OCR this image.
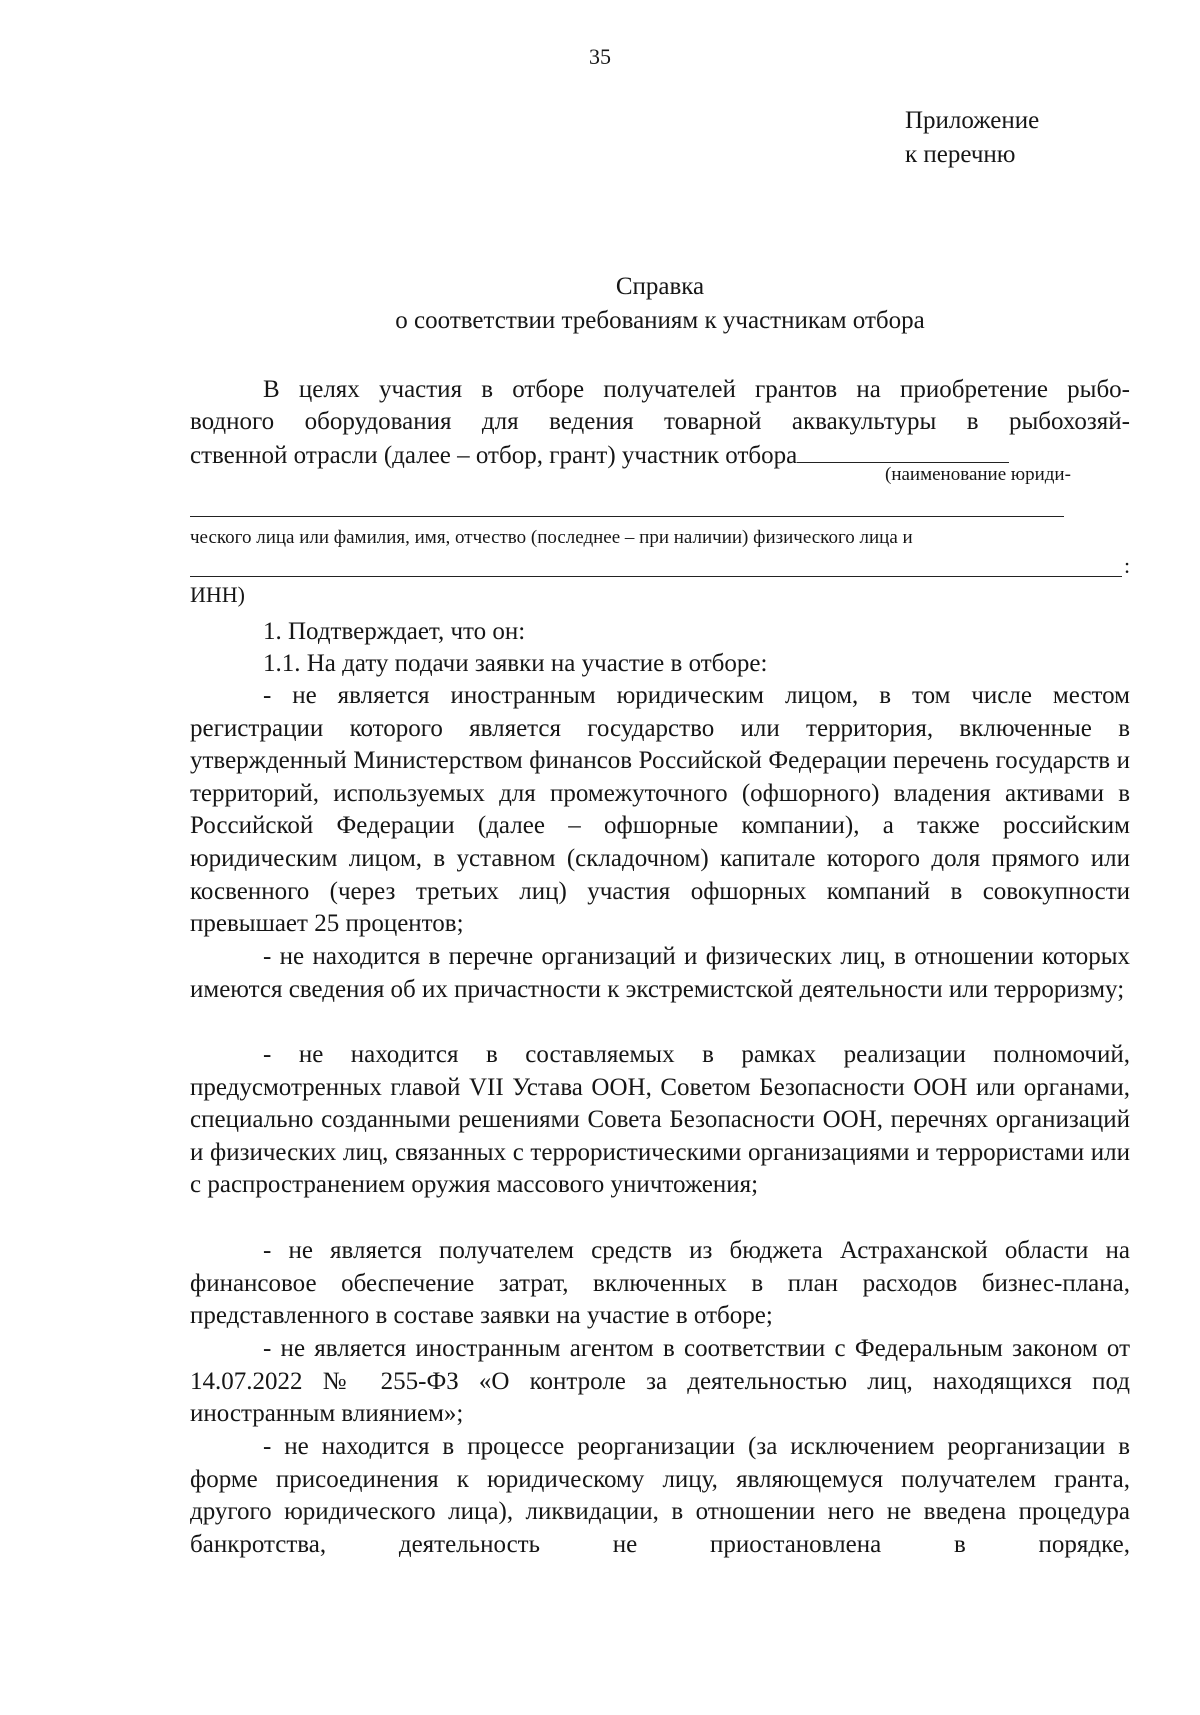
35
Приложение
к перечню
Справка
о соответствии требованиям к участникам отбора
В целях участия в отборе получателей грантов на приобретение рыбо-
водного оборудования для ведения товарной аквакультуры в рыбохозяй-
ственной отрасли (далее – отбор, грант) участник отбора
(наименование юриди-
ческого лица или фамилия, имя, отчество (последнее – при наличии) физического лица и
:
ИНН)
1. Подтверждает, что он:
1.1. На дату подачи заявки на участие в отборе:
- не является иностранным юридическим лицом, в том числе местом регистрации которого является государство или территория, включенные в утвержденный Министерством финансов Российской Федерации перечень государств и территорий, используемых для промежуточного (офшорного) владения активами в Российской Федерации (далее – офшорные компании), а также российским юридическим лицом, в уставном (складочном) капитале которого доля прямого или косвенного (через третьих лиц) участия офшорных компаний в совокупности превышает 25 процентов;
- не находится в перечне организаций и физических лиц, в отношении которых имеются сведения об их причастности к экстремистской деятельности или терроризму;
- не находится в составляемых в рамках реализации полномочий, предусмотренных главой VII Устава ООН, Советом Безопасности ООН или органами, специально созданными решениями Совета Безопасности ООН, перечнях организаций и физических лиц, связанных с террористическими организациями и террористами или с распространением оружия массового уничтожения;
- не является получателем средств из бюджета Астраханской области на финансовое обеспечение затрат, включенных в план расходов бизнес-плана, представленного в составе заявки на участие в отборе;
- не является иностранным агентом в соответствии с Федеральным законом от 14.07.2022 № 255-ФЗ «О контроле за деятельностью лиц, находящихся под иностранным влиянием»;
- не находится в процессе реорганизации (за исключением реорганизации в форме присоединения к юридическому лицу, являющемуся получателем гранта, другого юридического лица), ликвидации, в отношении него не введена процедура банкротства, деятельность не приостановлена в порядке,
